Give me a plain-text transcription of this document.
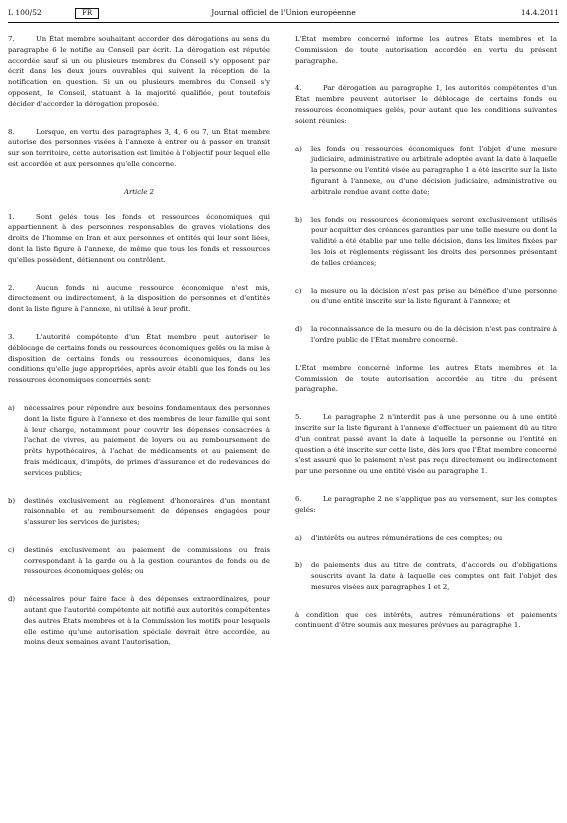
L 100/52	FR	Journal officiel de l'Union européenne	14.4.2011

7.	Un État membre souhaitant accorder des dérogations au sens du paragraphe 6 le notifie au Conseil par écrit. La dérogation est réputée accordée sauf si un ou plusieurs membres du Conseil s'y opposent par écrit dans les deux jours ouvrables qui suivent la réception de la notification en question. Si un ou plusieurs membres du Conseil s'y opposent, le Conseil, statuant à la majorité qualifiée, peut toutefois décider d'accorder la dérogation proposée.

8.	Lorsque, en vertu des paragraphes 3, 4, 6 ou 7, un État membre autorise des personnes visées à l'annexe à entrer ou à passer en transit sur son territoire, cette autorisation est limitée à l'objectif pour lequel elle est accordée et aux personnes qu'elle concerne.

Article 2

1.	Sont gelés tous les fonds et ressources économiques qui appartiennent à des personnes responsables de graves violations des droits de l'homme en Iran et aux personnes et entités qui leur sont liées, dont la liste figure à l'annexe, de même que tous les fonds et ressources qu'elles possèdent, détiennent ou contrôlent.

2.	Aucun fonds ni aucune ressource économique n'est mis, directement ou indirectement, à la disposition de personnes et d'entités dont la liste figure à l'annexe, ni utilisé à leur profit.

3.	L'autorité compétente d'un État membre peut autoriser le déblocage de certains fonds ou ressources économiques gelés ou la mise à disposition de certains fonds ou ressources économiques, dans les conditions qu'elle juge appropriées, après avoir établi que les fonds ou les ressources économiques concernés sont:

a)	nécessaires pour répondre aux besoins fondamentaux des personnes dont la liste figure à l'annexe et des membres de leur famille qui sont à leur charge, notamment pour couvrir les dépenses consacrées à l'achat de vivres, au paiement de loyers ou au remboursement de prêts hypothécaires, à l'achat de médicaments et au paiement de frais médicaux, d'impôts, de primes d'assurance et de redevances de services publics;
b)	destinés exclusivement au règlement d'honoraires d'un montant raisonnable et au remboursement de dépenses engagées pour s'assurer les services de juristes;
c)	destinés exclusivement au paiement de commissions ou frais correspondant à la garde ou à la gestion courantes de fonds ou de ressources économiques gelés; ou
d)	nécessaires pour faire face à des dépenses extraordinaires, pour autant que l'autorité compétente ait notifié aux autorités compétentes des autres États membres et à la Commission les motifs pour lesquels elle estime qu'une autorisation spéciale devrait être accordée, au moins deux semaines avant l'autorisation.

L'État membre concerné informe les autres États membres et la Commission de toute autorisation accordée en vertu du présent paragraphe.

4.	Par dérogation au paragraphe 1, les autorités compétentes d'un État membre peuvent autoriser le déblocage de certains fonds ou ressources économiques gelés, pour autant que les conditions suivantes soient réunies:

a)	les fonds ou ressources économiques font l'objet d'une mesure judiciaire, administrative ou arbitrale adoptée avant la date à laquelle la personne ou l'entité visée au paragraphe 1 a été inscrite sur la liste figurant à l'annexe, ou d'une décision judiciaire, administrative ou arbitrale rendue avant cette date;
b)	les fonds ou ressources économiques seront exclusivement utilisés pour acquitter des créances garanties par une telle mesure ou dont la validité a été établie par une telle décision, dans les limites fixées par les lois et règlements régissant les droits des personnes présentant de telles créances;
c)	la mesure ou la décision n'est pas prise au bénéfice d'une personne ou d'une entité inscrite sur la liste figurant à l'annexe; et
d)	la reconnaissance de la mesure ou de la décision n'est pas contraire à l'ordre public de l'État membre concerné.

L'État membre concerné informe les autres États membres et la Commission de toute autorisation accordée au titre du présent paragraphe.

5.	Le paragraphe 2 n'interdit pas à une personne ou à une entité inscrite sur la liste figurant à l'annexe d'effectuer un paiement dû au titre d'un contrat passé avant la date à laquelle la personne ou l'entité en question a été inscrite sur cette liste, dès lors que l'État membre concerné s'est assuré que le paiement n'est pas reçu directement ou indirectement par une personne ou une entité visée au paragraphe 1.

6.	Le paragraphe 2 ne s'applique pas au versement, sur les comptes gelés:

a)	d'intérêts ou autres rémunérations de ces comptes; ou
b)	de paiements dus au titre de contrats, d'accords ou d'obligations souscrits avant la date à laquelle ces comptes ont fait l'objet des mesures visées aux paragraphes 1 et 2,

à condition que ces intérêts, autres rémunérations et paiements continuent d'être soumis aux mesures prévues au paragraphe 1.
